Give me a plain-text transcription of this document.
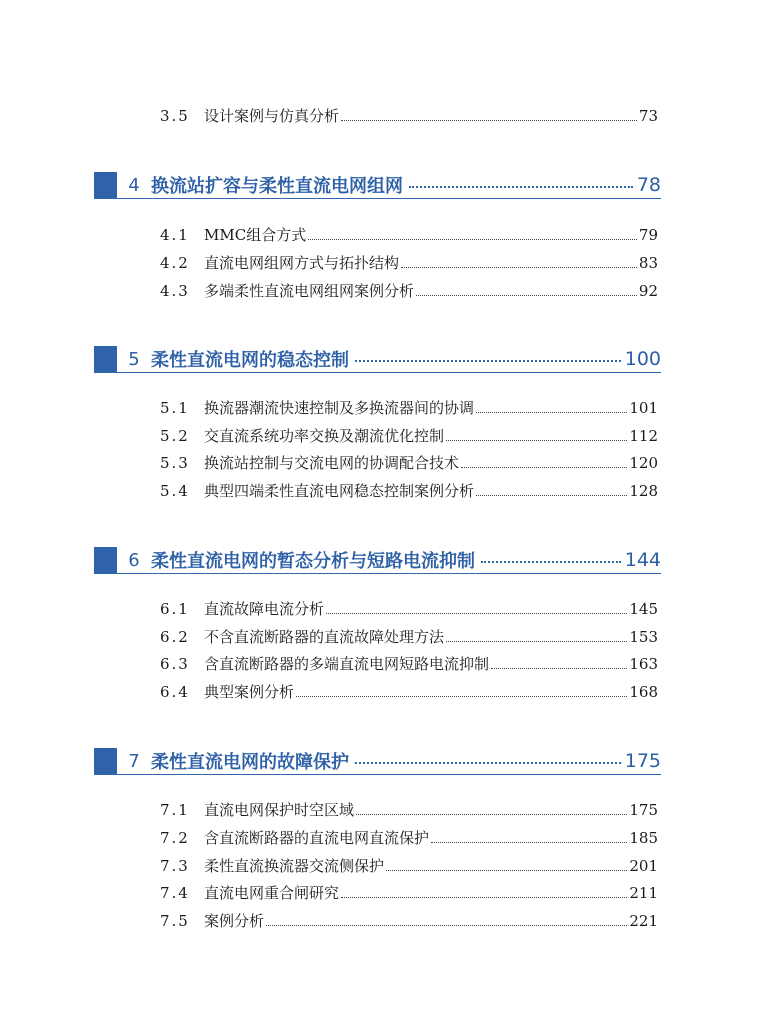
3.5 设计案例与仿真分析	73
4 换流站扩容与柔性直流电网组网	78
4.1 MMC组合方式	79
4.2 直流电网组网方式与拓扑结构	83
4.3 多端柔性直流电网组网案例分析	92
5 柔性直流电网的稳态控制	100
5.1 换流器潮流快速控制及多换流器间的协调	101
5.2 交直流系统功率交换及潮流优化控制	112
5.3 换流站控制与交流电网的协调配合技术	120
5.4 典型四端柔性直流电网稳态控制案例分析	128
6 柔性直流电网的暂态分析与短路电流抑制	144
6.1 直流故障电流分析	145
6.2 不含直流断路器的直流故障处理方法	153
6.3 含直流断路器的多端直流电网短路电流抑制	163
6.4 典型案例分析	168
7 柔性直流电网的故障保护	175
7.1 直流电网保护时空区域	175
7.2 含直流断路器的直流电网直流保护	185
7.3 柔性直流换流器交流侧保护	201
7.4 直流电网重合闸研究	211
7.5 案例分析	221
